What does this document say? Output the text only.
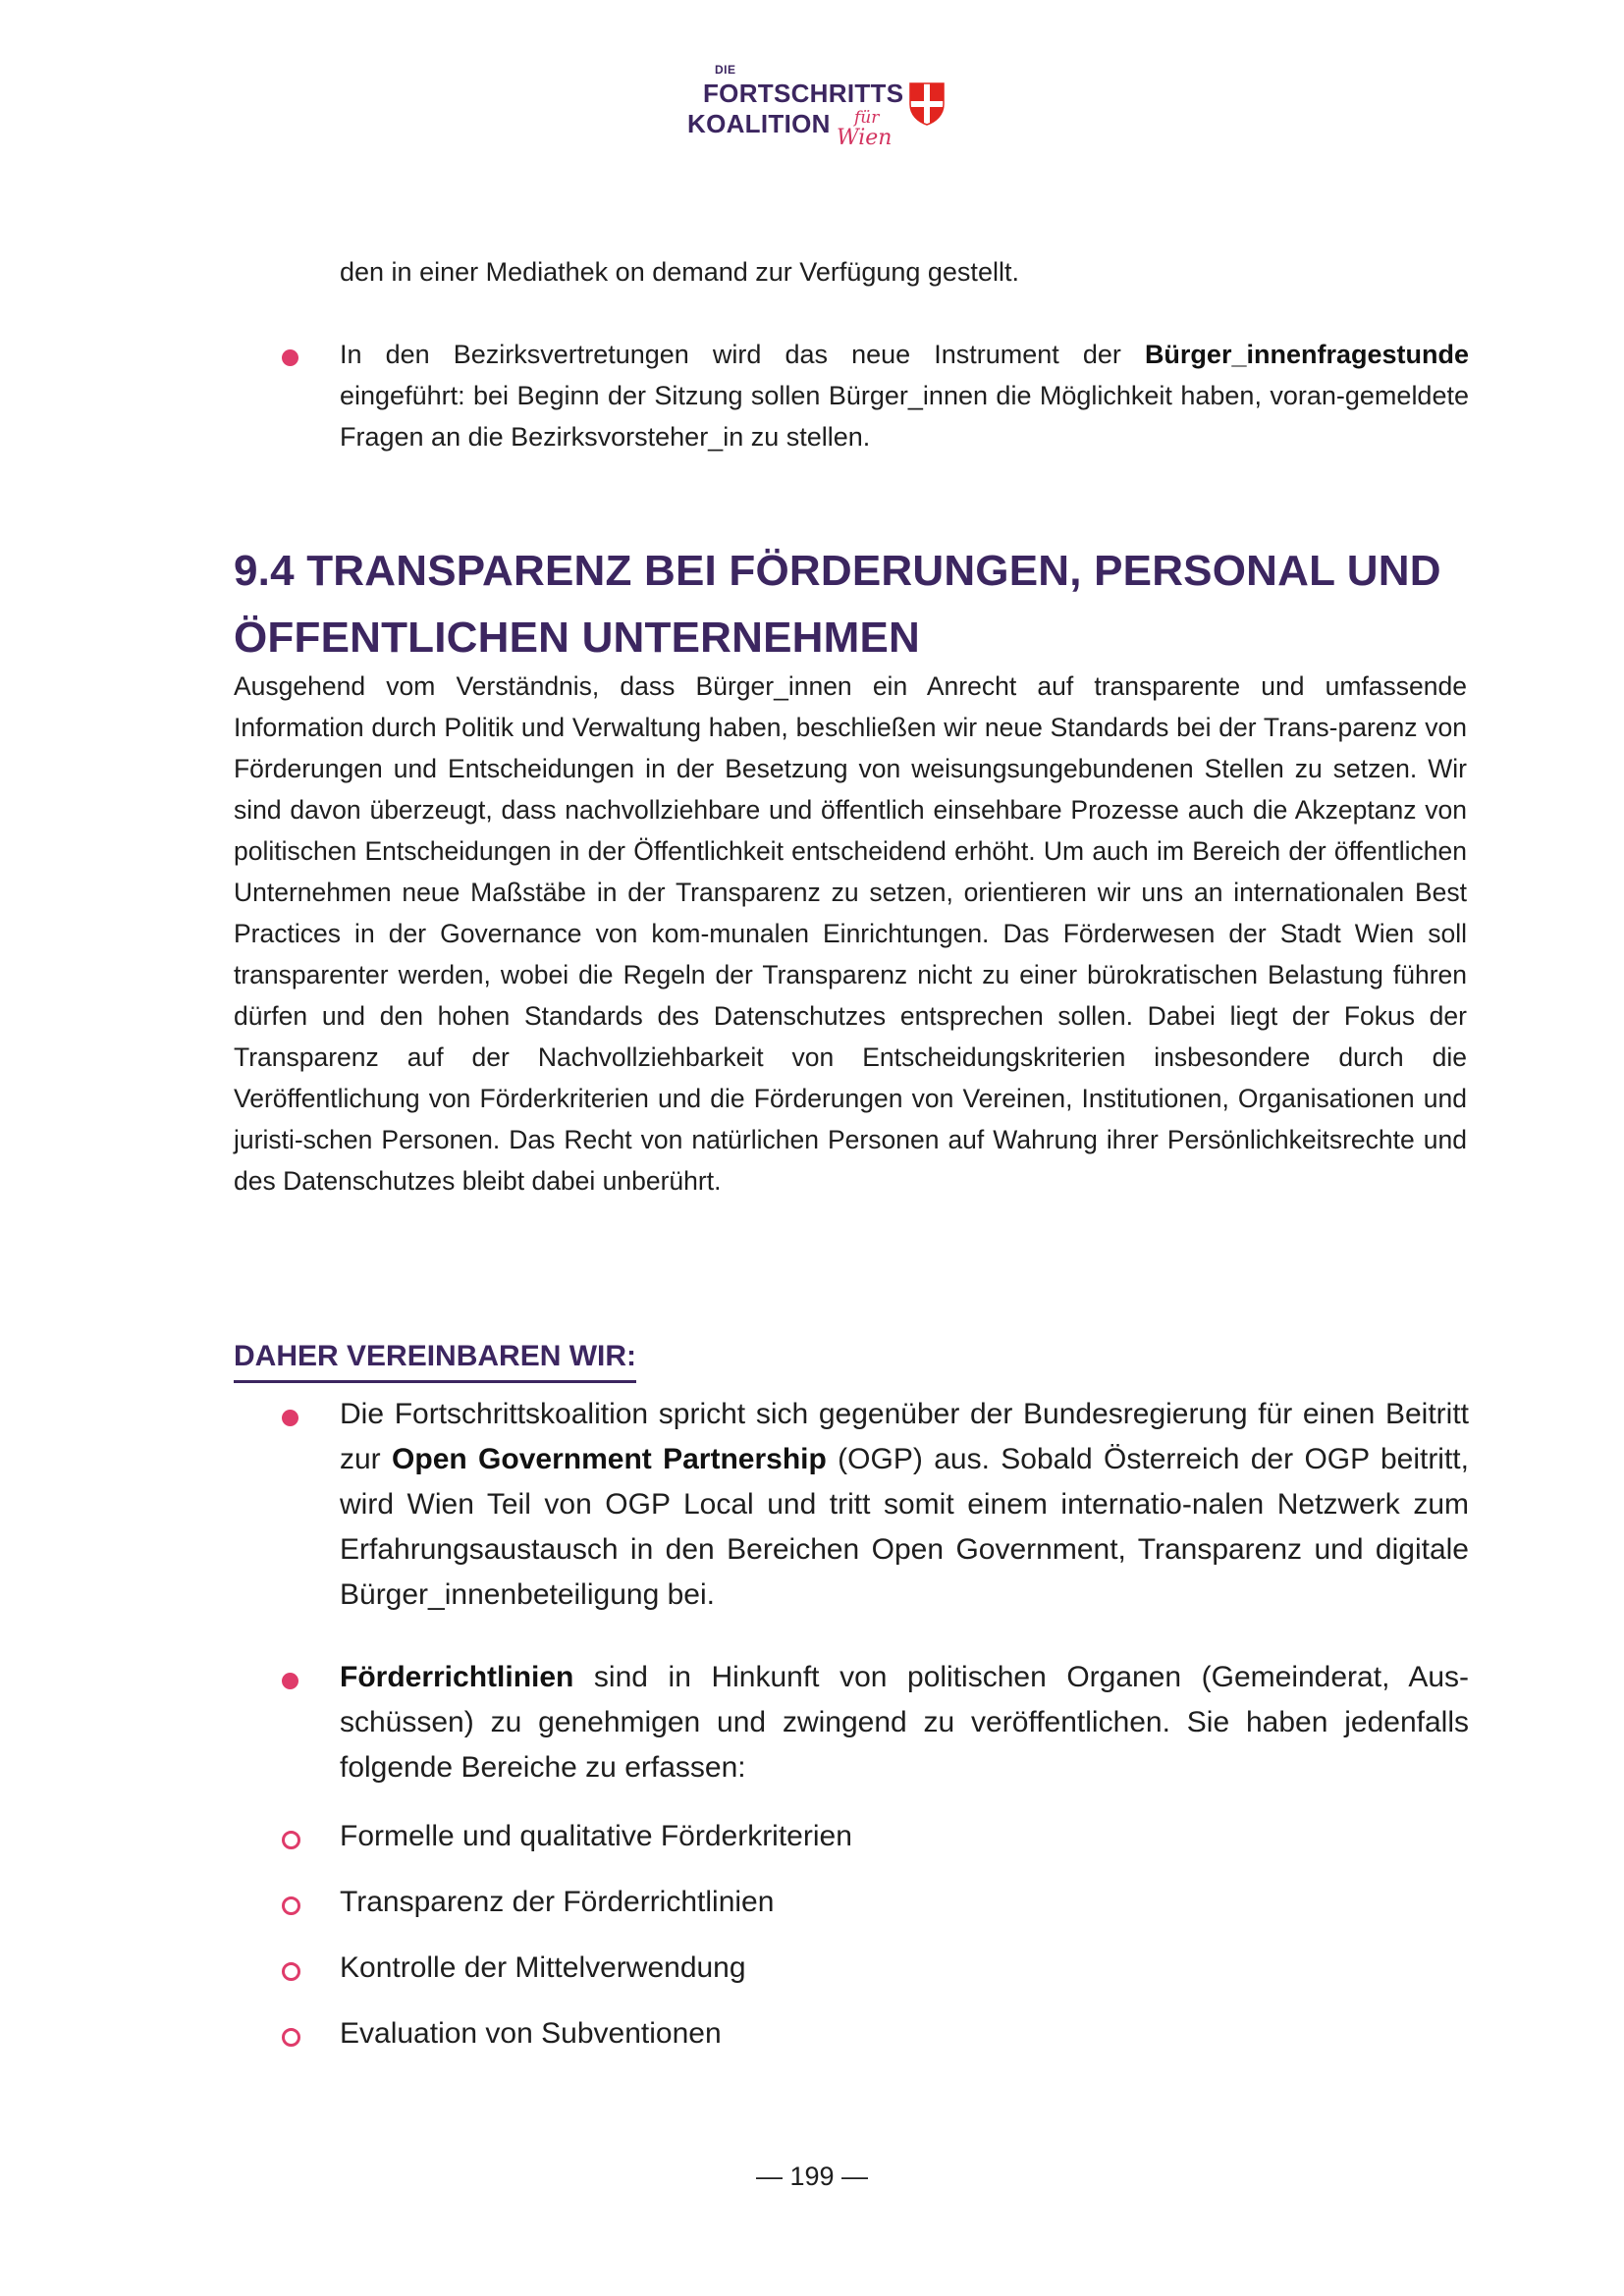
DIE
FORTSCHRITTS
KOALITION für
Wien
den in einer Mediathek on demand zur Verfügung gestellt.
In den Bezirksvertretungen wird das neue Instrument der Bürger_innenfragestunde eingeführt: bei Beginn der Sitzung sollen Bürger_innen die Möglichkeit haben, voran-gemeldete Fragen an die Bezirksvorsteher_in zu stellen.
9.4 TRANSPARENZ BEI FÖRDERUNGEN, PERSONAL UND
ÖFFENTLICHEN UNTERNEHMEN
Ausgehend vom Verständnis, dass Bürger_innen ein Anrecht auf transparente und umfassende Information durch Politik und Verwaltung haben, beschließen wir neue Standards bei der Trans-parenz von Förderungen und Entscheidungen in der Besetzung von weisungsungebundenen Stellen zu setzen. Wir sind davon überzeugt, dass nachvollziehbare und öffentlich einsehbare Prozesse auch die Akzeptanz von politischen Entscheidungen in der Öffentlichkeit entscheidend erhöht. Um auch im Bereich der öffentlichen Unternehmen neue Maßstäbe in der Transparenz zu setzen, orientieren wir uns an internationalen Best Practices in der Governance von kom-munalen Einrichtungen. Das Förderwesen der Stadt Wien soll transparenter werden, wobei die Regeln der Transparenz nicht zu einer bürokratischen Belastung führen dürfen und den hohen Standards des Datenschutzes entsprechen sollen. Dabei liegt der Fokus der Transparenz auf der Nachvollziehbarkeit von Entscheidungskriterien insbesondere durch die Veröffentlichung von Förderkriterien und die Förderungen von Vereinen, Institutionen, Organisationen und juristi-schen Personen. Das Recht von natürlichen Personen auf Wahrung ihrer Persönlichkeitsrechte und des Datenschutzes bleibt dabei unberührt.
DAHER VEREINBAREN WIR:
Die Fortschrittskoalition spricht sich gegenüber der Bundesregierung für einen Beitritt zur Open Government Partnership (OGP) aus. Sobald Österreich der OGP beitritt, wird Wien Teil von OGP Local und tritt somit einem internatio-nalen Netzwerk zum Erfahrungsaustausch in den Bereichen Open Government, Transparenz und digitale Bürger_innenbeteiligung bei.
Förderrichtlinien sind in Hinkunft von politischen Organen (Gemeinderat, Aus-schüssen) zu genehmigen und zwingend zu veröffentlichen. Sie haben jedenfalls folgende Bereiche zu erfassen:
Formelle und qualitative Förderkriterien
Transparenz der Förderrichtlinien
Kontrolle der Mittelverwendung
Evaluation von Subventionen
— 199 —
